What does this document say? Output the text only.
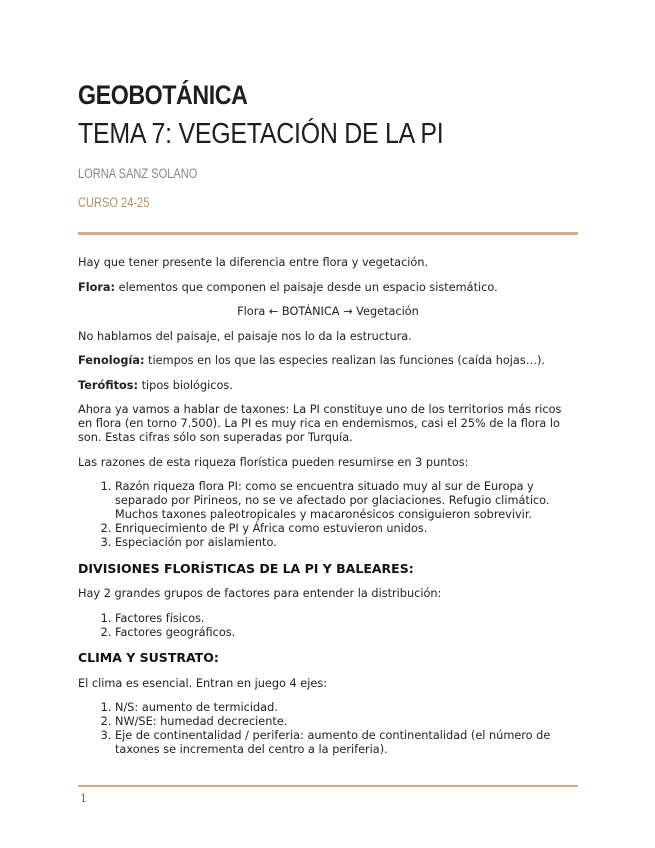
GEOBOTÁNICA
TEMA 7: VEGETACIÓN DE LA PI
LORNA SANZ SOLANO
CURSO 24-25

Hay que tener presente la diferencia entre flora y vegetación.

Flora: elementos que componen el paisaje desde un espacio sistemático.

Flora ← BOTÁNICA → Vegetación

No hablamos del paisaje, el paisaje nos lo da la estructura.

Fenología: tiempos en los que las especies realizan las funciones (caída hojas…).

Terófitos: tipos biológicos.

Ahora ya vamos a hablar de taxones: La PI constituye uno de los territorios más ricos en flora (en torno 7.500). La PI es muy rica en endemismos, casi el 25% de la flora lo son. Estas cifras sólo son superadas por Turquía.

Las razones de esta riqueza florística pueden resumirse en 3 puntos:

1. Razón riqueza flora PI: como se encuentra situado muy al sur de Europa y separado por Pirineos, no se ve afectado por glaciaciones. Refugio climático. Muchos taxones paleotropicales y macaronésicos consiguieron sobrevivir.
2. Enriquecimiento de PI y África como estuvieron unidos.
3. Especiación por aislamiento.
DIVISIONES FLORÍSTICAS DE LA PI Y BALEARES:

Hay 2 grandes grupos de factores para entender la distribución:

1. Factores físicos.
2. Factores geográficos.
CLIMA Y SUSTRATO:

El clima es esencial. Entran en juego 4 ejes:

1. N/S: aumento de termicidad.
2. NW/SE: humedad decreciente.
3. Eje de continentalidad / periferia: aumento de continentalidad (el número de taxones se incrementa del centro a la periferia).
1
